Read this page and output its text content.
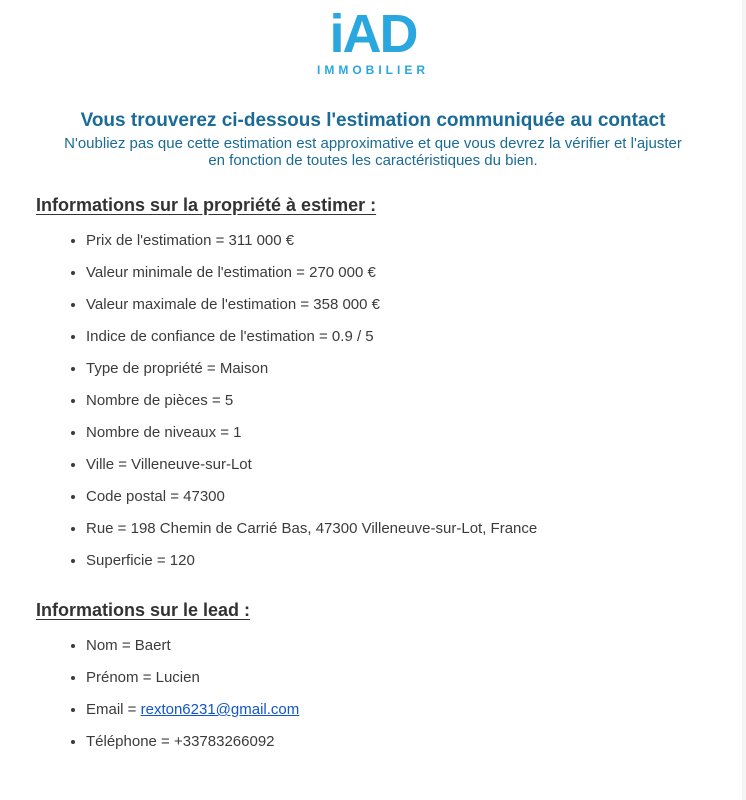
iAD
IMMOBILIER
Vous trouverez ci-dessous l'estimation communiquée au contact
N'oubliez pas que cette estimation est approximative et que vous devrez la vérifier et l'ajuster
en fonction de toutes les caractéristiques du bien.
Informations sur la propriété à estimer :
• Prix de l'estimation = 311 000 €
• Valeur minimale de l'estimation = 270 000 €
• Valeur maximale de l'estimation = 358 000 €
• Indice de confiance de l'estimation = 0.9 / 5
• Type de propriété = Maison
• Nombre de pièces = 5
• Nombre de niveaux = 1
• Ville = Villeneuve-sur-Lot
• Code postal = 47300
• Rue = 198 Chemin de Carrié Bas, 47300 Villeneuve-sur-Lot, France
• Superficie = 120
Informations sur le lead :
• Nom = Baert
• Prénom = Lucien
• Email = rexton6231@gmail.com
• Téléphone = +33783266092
